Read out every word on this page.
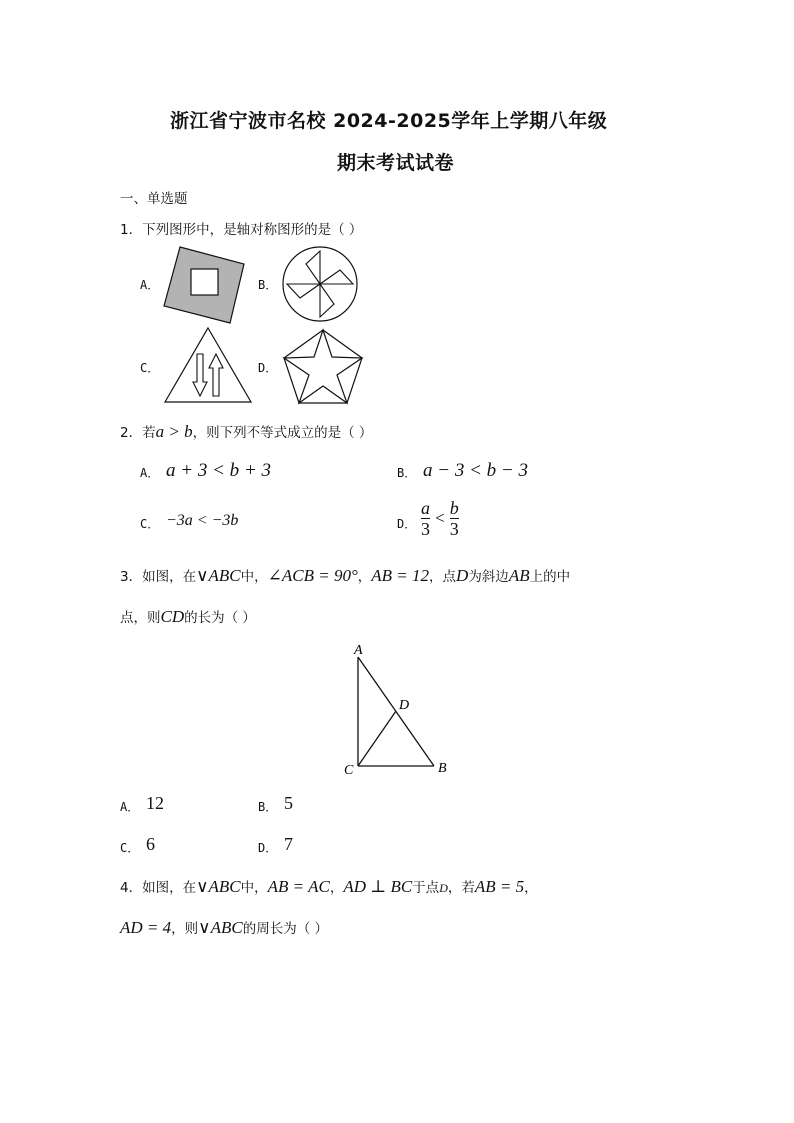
浙江省宁波市名校 2024-2025学年上学期八年级
期末考试试卷
一、单选题
1．下列图形中，是轴对称图形的是（ ）
A．	B．
C．	D．
2．若a > b，则下列不等式成立的是（ ）
A． a + 3 < b + 3	B． a − 3 < b − 3
C． −3a < −3b	D． $\frac{a}{3} < \frac{b}{3}$
3．如图，在∨ABC中，∠ACB = 90°，AB = 12，点D为斜边AB上的中
点，则CD的长为（ ）
A
D
C	B
A． 12	B． 5
C． 6	D． 7
4．如图，在∨ABC中，AB = AC，AD ⊥ BC于点D，若AB = 5，
AD = 4，则∨ABC的周长为（ ）
